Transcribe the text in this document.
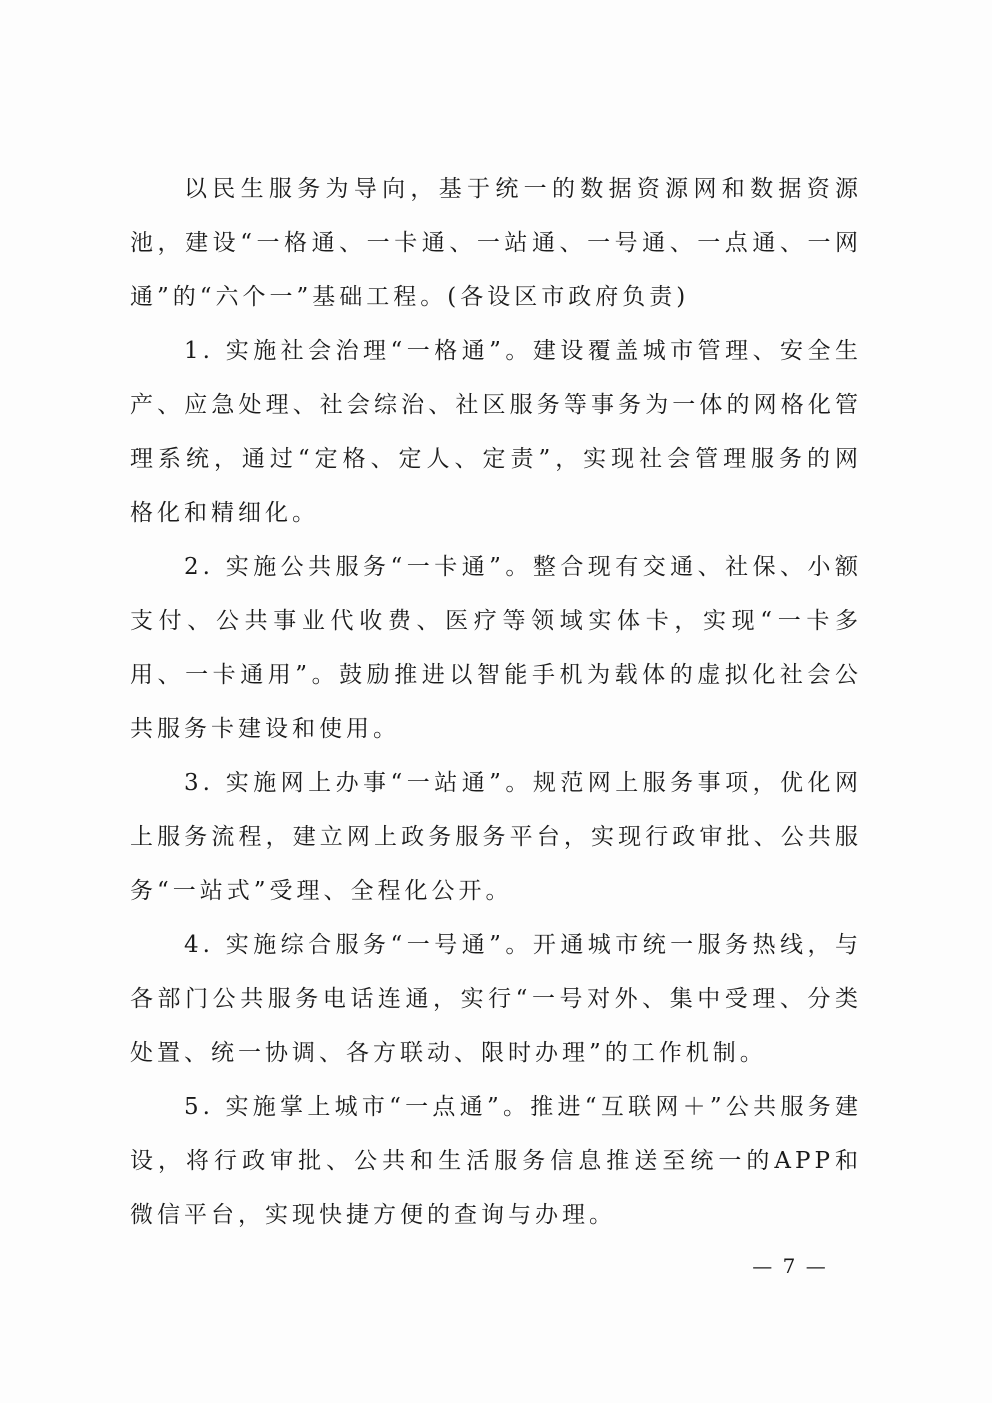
以民生服务为导向，基于统一的数据资源网和数据资源池，建设“一格通、一卡通、一站通、一号通、一点通、一网通”的“六个一”基础工程。(各设区市政府负责)

1. 实施社会治理“一格通”。建设覆盖城市管理、安全生产、应急处理、社会综治、社区服务等事务为一体的网格化管理系统，通过“定格、定人、定责”，实现社会管理服务的网格化和精细化。

2. 实施公共服务“一卡通”。整合现有交通、社保、小额支付、公共事业代收费、医疗等领域实体卡，实现“一卡多用、一卡通用”。鼓励推进以智能手机为载体的虚拟化社会公共服务卡建设和使用。

3. 实施网上办事“一站通”。规范网上服务事项，优化网上服务流程，建立网上政务服务平台，实现行政审批、公共服务“一站式”受理、全程化公开。

4. 实施综合服务“一号通”。开通城市统一服务热线，与各部门公共服务电话连通，实行“一号对外、集中受理、分类处置、统一协调、各方联动、限时办理”的工作机制。

5. 实施掌上城市“一点通”。推进“互联网＋”公共服务建设，将行政审批、公共和生活服务信息推送至统一的APP和微信平台，实现快捷方便的查询与办理。

— 7 —
